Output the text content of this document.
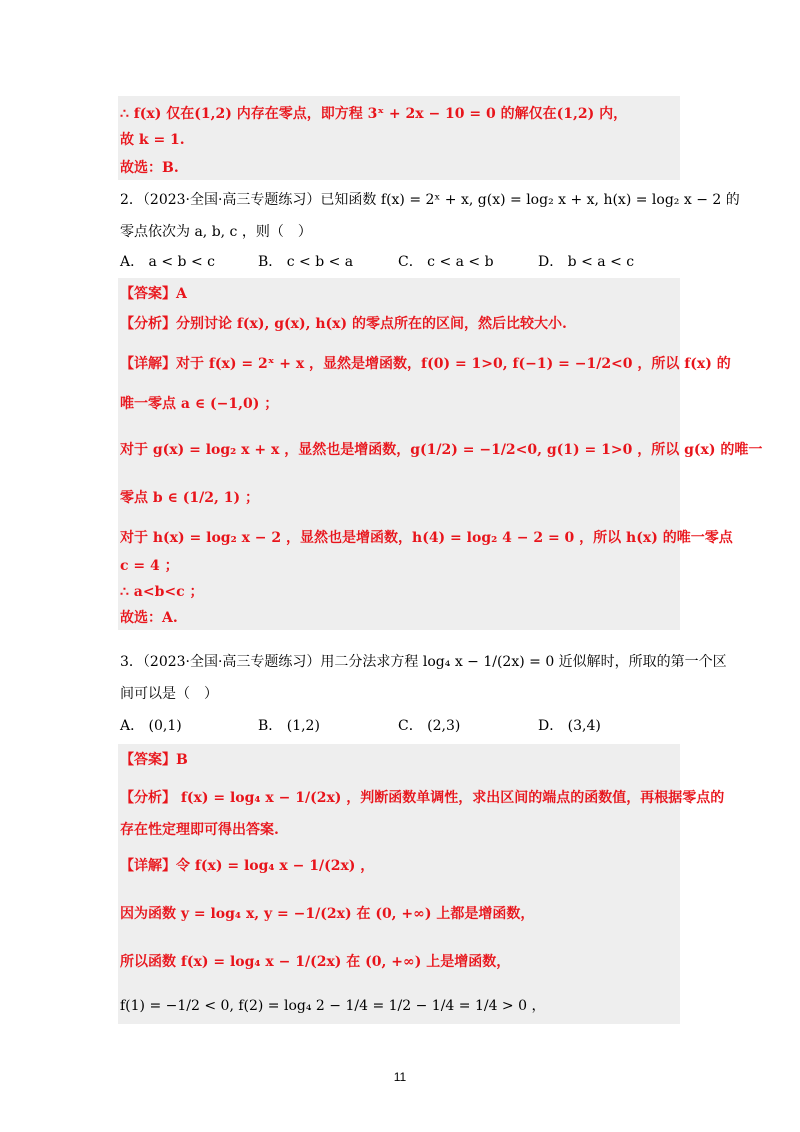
∴ f(x) 仅在(1,2) 内存在零点，即方程 3ˣ + 2x − 10 = 0 的解仅在(1,2) 内，
故 k = 1.
故选：B.
2．（2023·全国·高三专题练习）已知函数 f(x) = 2ˣ + x, g(x) = log₂ x + x, h(x) = log₂ x − 2 的
零点依次为 a, b, c ，则（　）
A． a < b < c	B． c < b < a	C． c < a < b	D． b < a < c
【答案】A
【分析】分别讨论 f(x), g(x), h(x) 的零点所在的区间，然后比较大小.
【详解】对于 f(x) = 2ˣ + x ，显然是增函数，f(0) = 1>0, f(−1) = −1/2<0 ，所以 f(x) 的
唯一零点 a ∈ (−1,0) ；
对于 g(x) = log₂ x + x ，显然也是增函数，g(1/2) = −1/2<0, g(1) = 1>0 ，所以 g(x) 的唯一
零点 b ∈ (1/2, 1) ；
对于 h(x) = log₂ x − 2 ，显然也是增函数，h(4) = log₂ 4 − 2 = 0 ，所以 h(x) 的唯一零点
c = 4 ；
∴ a<b<c ；
故选：A.
3．（2023·全国·高三专题练习）用二分法求方程 log₄ x − 1/(2x) = 0 近似解时，所取的第一个区
间可以是（　）
A． (0,1)	B． (1,2)	C． (2,3)	D． (3,4)
【答案】B
【分析】 f(x) = log₄ x − 1/(2x) ，判断函数单调性，求出区间的端点的函数值，再根据零点的
存在性定理即可得出答案.
【详解】令 f(x) = log₄ x − 1/(2x) ，
因为函数 y = log₄ x, y = −1/(2x) 在 (0, +∞) 上都是增函数，
所以函数 f(x) = log₄ x − 1/(2x) 在 (0, +∞) 上是增函数，
f(1) = −1/2 < 0, f(2) = log₄ 2 − 1/4 = 1/2 − 1/4 = 1/4 > 0 ，
11
